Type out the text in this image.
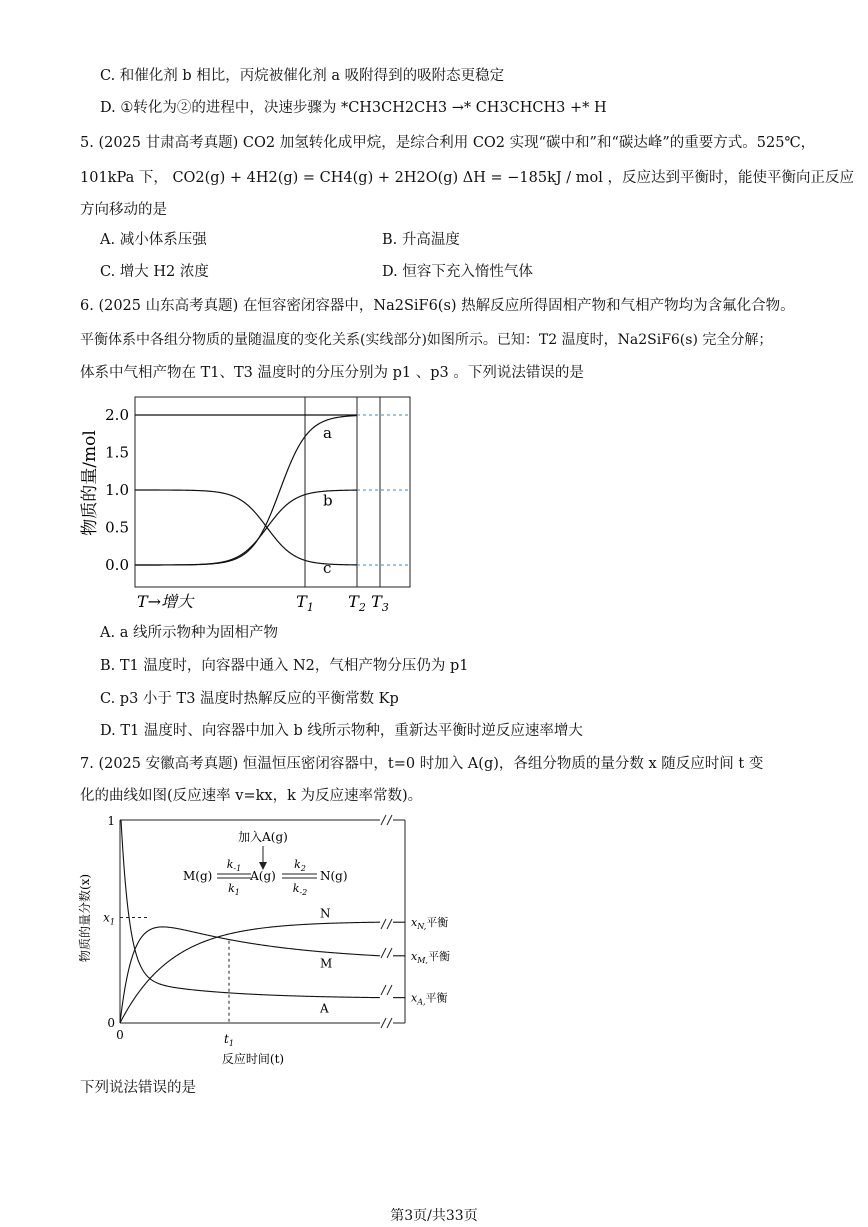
C. 和催化剂 b 相比，丙烷被催化剂 a 吸附得到的吸附态更稳定
D. ①转化为②的进程中，决速步骤为 *CH3CH2CH3 →* CH3CHCH3 +* H
5. (2025 甘肃高考真题) CO2 加氢转化成甲烷，是综合利用 CO2 实现“碳中和”和“碳达峰”的重要方式。525℃，
101kPa 下， CO2(g) + 4H2(g) = CH4(g) + 2H2O(g) ΔH = −185kJ / mol ，反应达到平衡时，能使平衡向正反应
方向移动的是
A. 减小体系压强	B. 升高温度
C. 增大 H2 浓度	D. 恒容下充入惰性气体
6. (2025 山东高考真题) 在恒容密闭容器中，Na2SiF6(s) 热解反应所得固相产物和气相产物均为含氟化合物。
平衡体系中各组分物质的量随温度的变化关系(实线部分)如图所示。已知：T2 温度时，Na2SiF6(s) 完全分解；
体系中气相产物在 T1、T3 温度时的分压分别为 p1 、p3 。下列说法错误的是
物质的量/mol
2.0
1.5
1.0
0.5
0.0
$T_1$ $T_2$ $T_3$
a
b
c
T→增大
A. a 线所示物种为固相产物
B. T1 温度时，向容器中通入 N2，气相产物分压仍为 p1
C. p3 小于 T3 温度时热解反应的平衡常数 Kp
D. T1 温度时、向容器中加入 b 线所示物种，重新达平衡时逆反应速率增大
7. (2025 安徽高考真题) 恒温恒压密闭容器中，t=0 时加入 A(g)，各组分物质的量分数 x 随反应时间 t 变
化的曲线如图(反应速率 v=kx，k 为反应速率常数)。
物质的量分数(x)
1
$x_1$
0
0	$t_1$
加入A(g)
M(g)	A(g)	N(g)
$k_{-1}$
$k_1$
$k_2$
$k_{-2}$
N
$x_{N,}$平衡
M
$x_{M,}$平衡
A
$x_{A,}$平衡
反应时间(t)
下列说法错误的是
第3页/共33页
